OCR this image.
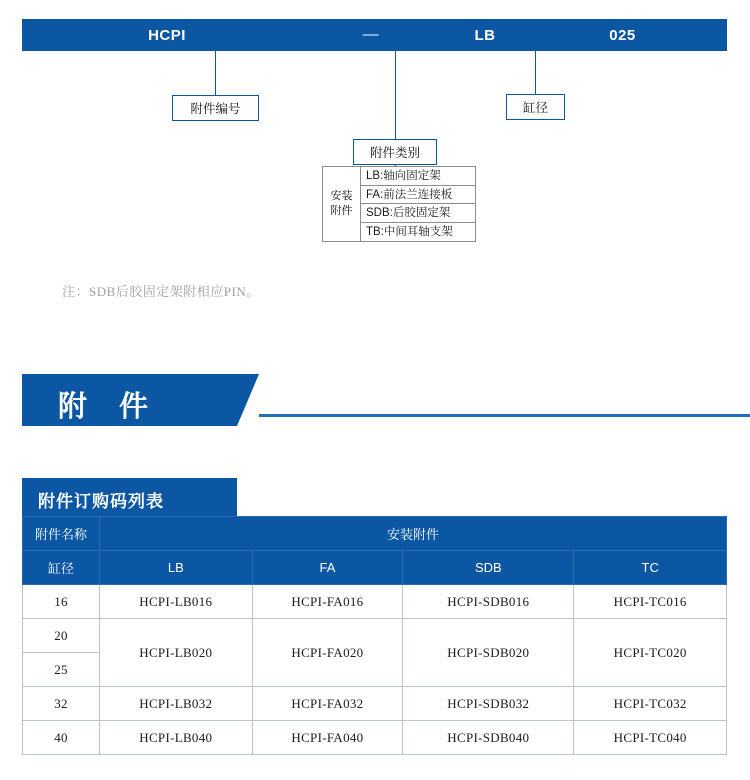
HCPI	—	LB	025
附件编号	缸径
附件类别
安装
附件
LB:轴向固定架
FA:前法兰连接板
SDB:后胶固定架
TB:中间耳轴支架
注：SDB后胶固定架附相应PIN。
附 件
附件订购码列表
附件名称	安装附件			
缸径	LB	FA	SDB	TC
16	HCPI-LB016	HCPI-FA016	HCPI-SDB016	HCPI-TC016
20	HCPI-LB020	HCPI-FA020	HCPI-SDB020	HCPI-TC020
25				
32	HCPI-LB032	HCPI-FA032	HCPI-SDB032	HCPI-TC032
40	HCPI-LB040	HCPI-FA040	HCPI-SDB040	HCPI-TC040
